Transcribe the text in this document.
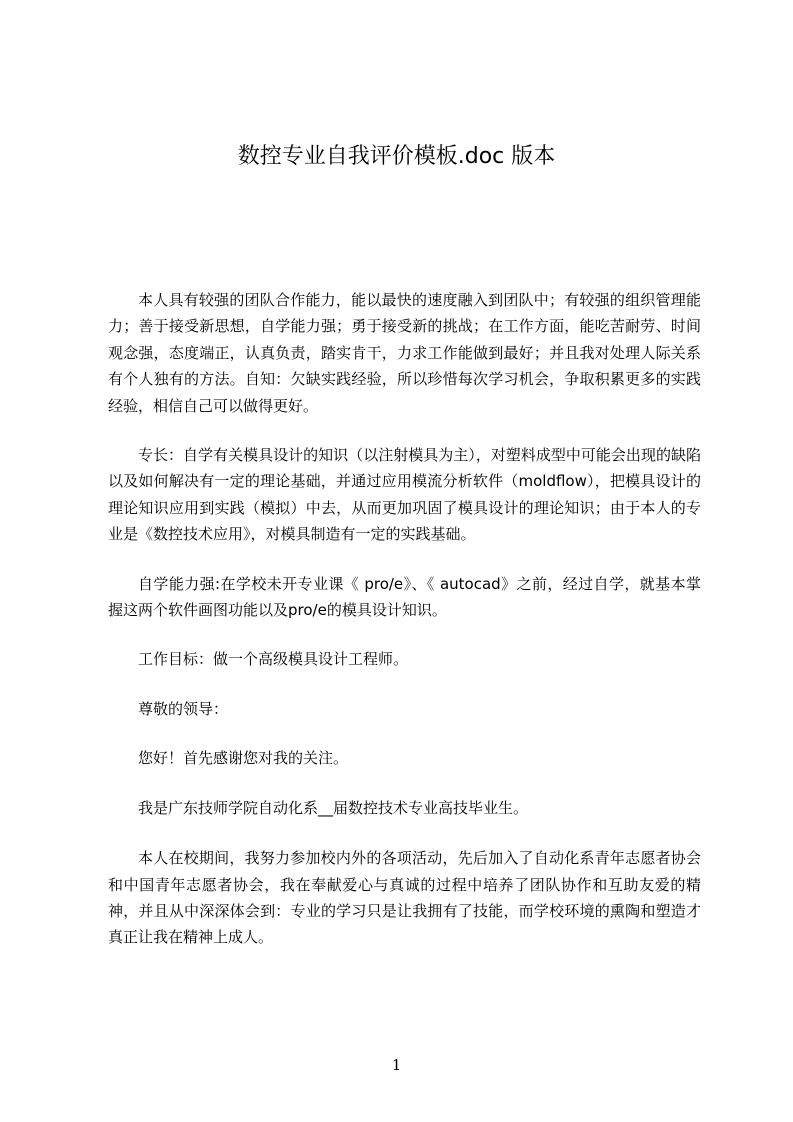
数控专业自我评价模板.doc 版本

本人具有较强的团队合作能力，能以最快的速度融入到团队中；有较强的组织管理能力；善于接受新思想，自学能力强；勇于接受新的挑战；在工作方面，能吃苦耐劳、时间观念强，态度端正，认真负责，踏实肯干，力求工作能做到最好；并且我对处理人际关系有个人独有的方法。自知：欠缺实践经验，所以珍惜每次学习机会，争取积累更多的实践经验，相信自己可以做得更好。

专长：自学有关模具设计的知识（以注射模具为主），对塑料成型中可能会出现的缺陷以及如何解决有一定的理论基础，并通过应用模流分析软件（moldflow），把模具设计的理论知识应用到实践（模拟）中去，从而更加巩固了模具设计的理论知识；由于本人的专业是《数控技术应用》，对模具制造有一定的实践基础。

自学能力强:在学校未开专业课《 pro/e》、《 autocad》之前，经过自学，就基本掌握这两个软件画图功能以及pro/e的模具设计知识。

工作目标：做一个高级模具设计工程师。

尊敬的领导：

您好！首先感谢您对我的关注。

我是广东技师学院自动化系__届数控技术专业高技毕业生。

本人在校期间，我努力参加校内外的各项活动，先后加入了自动化系青年志愿者协会和中国青年志愿者协会，我在奉献爱心与真诚的过程中培养了团队协作和互助友爱的精神，并且从中深深体会到：专业的学习只是让我拥有了技能，而学校环境的熏陶和塑造才真正让我在精神上成人。

1
